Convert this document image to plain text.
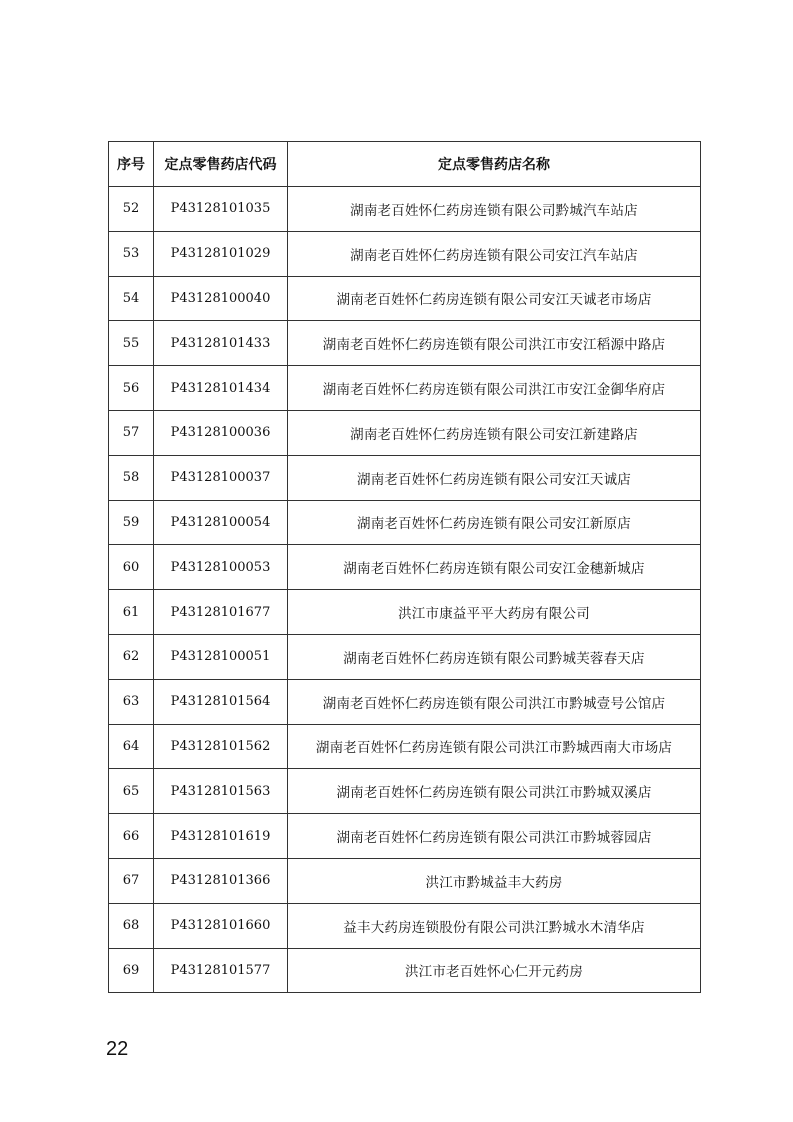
序号	定点零售药店代码	定点零售药店名称
52	P43128101035	湖南老百姓怀仁药房连锁有限公司黔城汽车站店
53	P43128101029	湖南老百姓怀仁药房连锁有限公司安江汽车站店
54	P43128100040	湖南老百姓怀仁药房连锁有限公司安江天诚老市场店
55	P43128101433	湖南老百姓怀仁药房连锁有限公司洪江市安江稻源中路店
56	P43128101434	湖南老百姓怀仁药房连锁有限公司洪江市安江金御华府店
57	P43128100036	湖南老百姓怀仁药房连锁有限公司安江新建路店
58	P43128100037	湖南老百姓怀仁药房连锁有限公司安江天诚店
59	P43128100054	湖南老百姓怀仁药房连锁有限公司安江新原店
60	P43128100053	湖南老百姓怀仁药房连锁有限公司安江金穗新城店
61	P43128101677	洪江市康益平平大药房有限公司
62	P43128100051	湖南老百姓怀仁药房连锁有限公司黔城芙蓉春天店
63	P43128101564	湖南老百姓怀仁药房连锁有限公司洪江市黔城壹号公馆店
64	P43128101562	湖南老百姓怀仁药房连锁有限公司洪江市黔城西南大市场店
65	P43128101563	湖南老百姓怀仁药房连锁有限公司洪江市黔城双溪店
66	P43128101619	湖南老百姓怀仁药房连锁有限公司洪江市黔城蓉园店
67	P43128101366	洪江市黔城益丰大药房
68	P43128101660	益丰大药房连锁股份有限公司洪江黔城水木清华店
69	P43128101577	洪江市老百姓怀心仁开元药房
22
